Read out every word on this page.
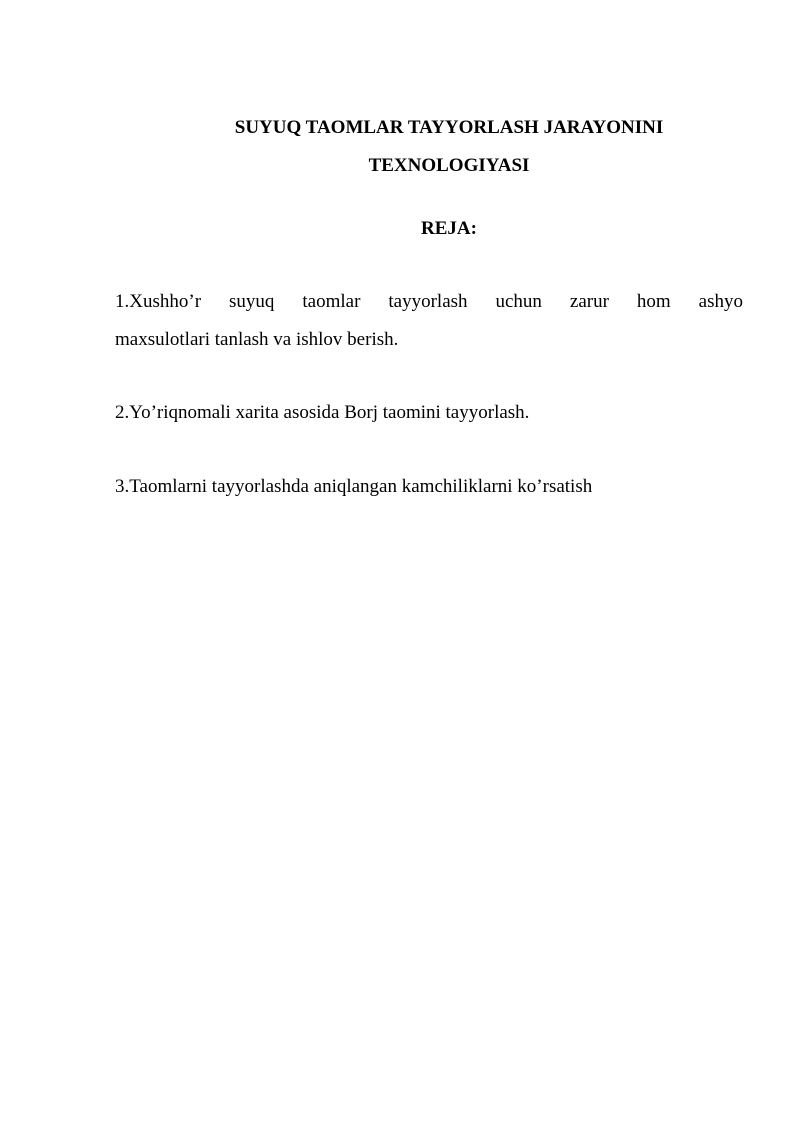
SUYUQ TAOMLAR TAYYORLASH JARAYONINI
TEXNOLOGIYASI
REJA:

1.Xushho’r suyuq taomlar tayyorlash uchun zarur hom ashyo

maxsulotlari tanlash va ishlov berish.

2.Yo’riqnomali xarita asosida Borj taomini tayyorlash.

3.Taomlarni tayyorlashda aniqlangan kamchiliklarni ko’rsatish
